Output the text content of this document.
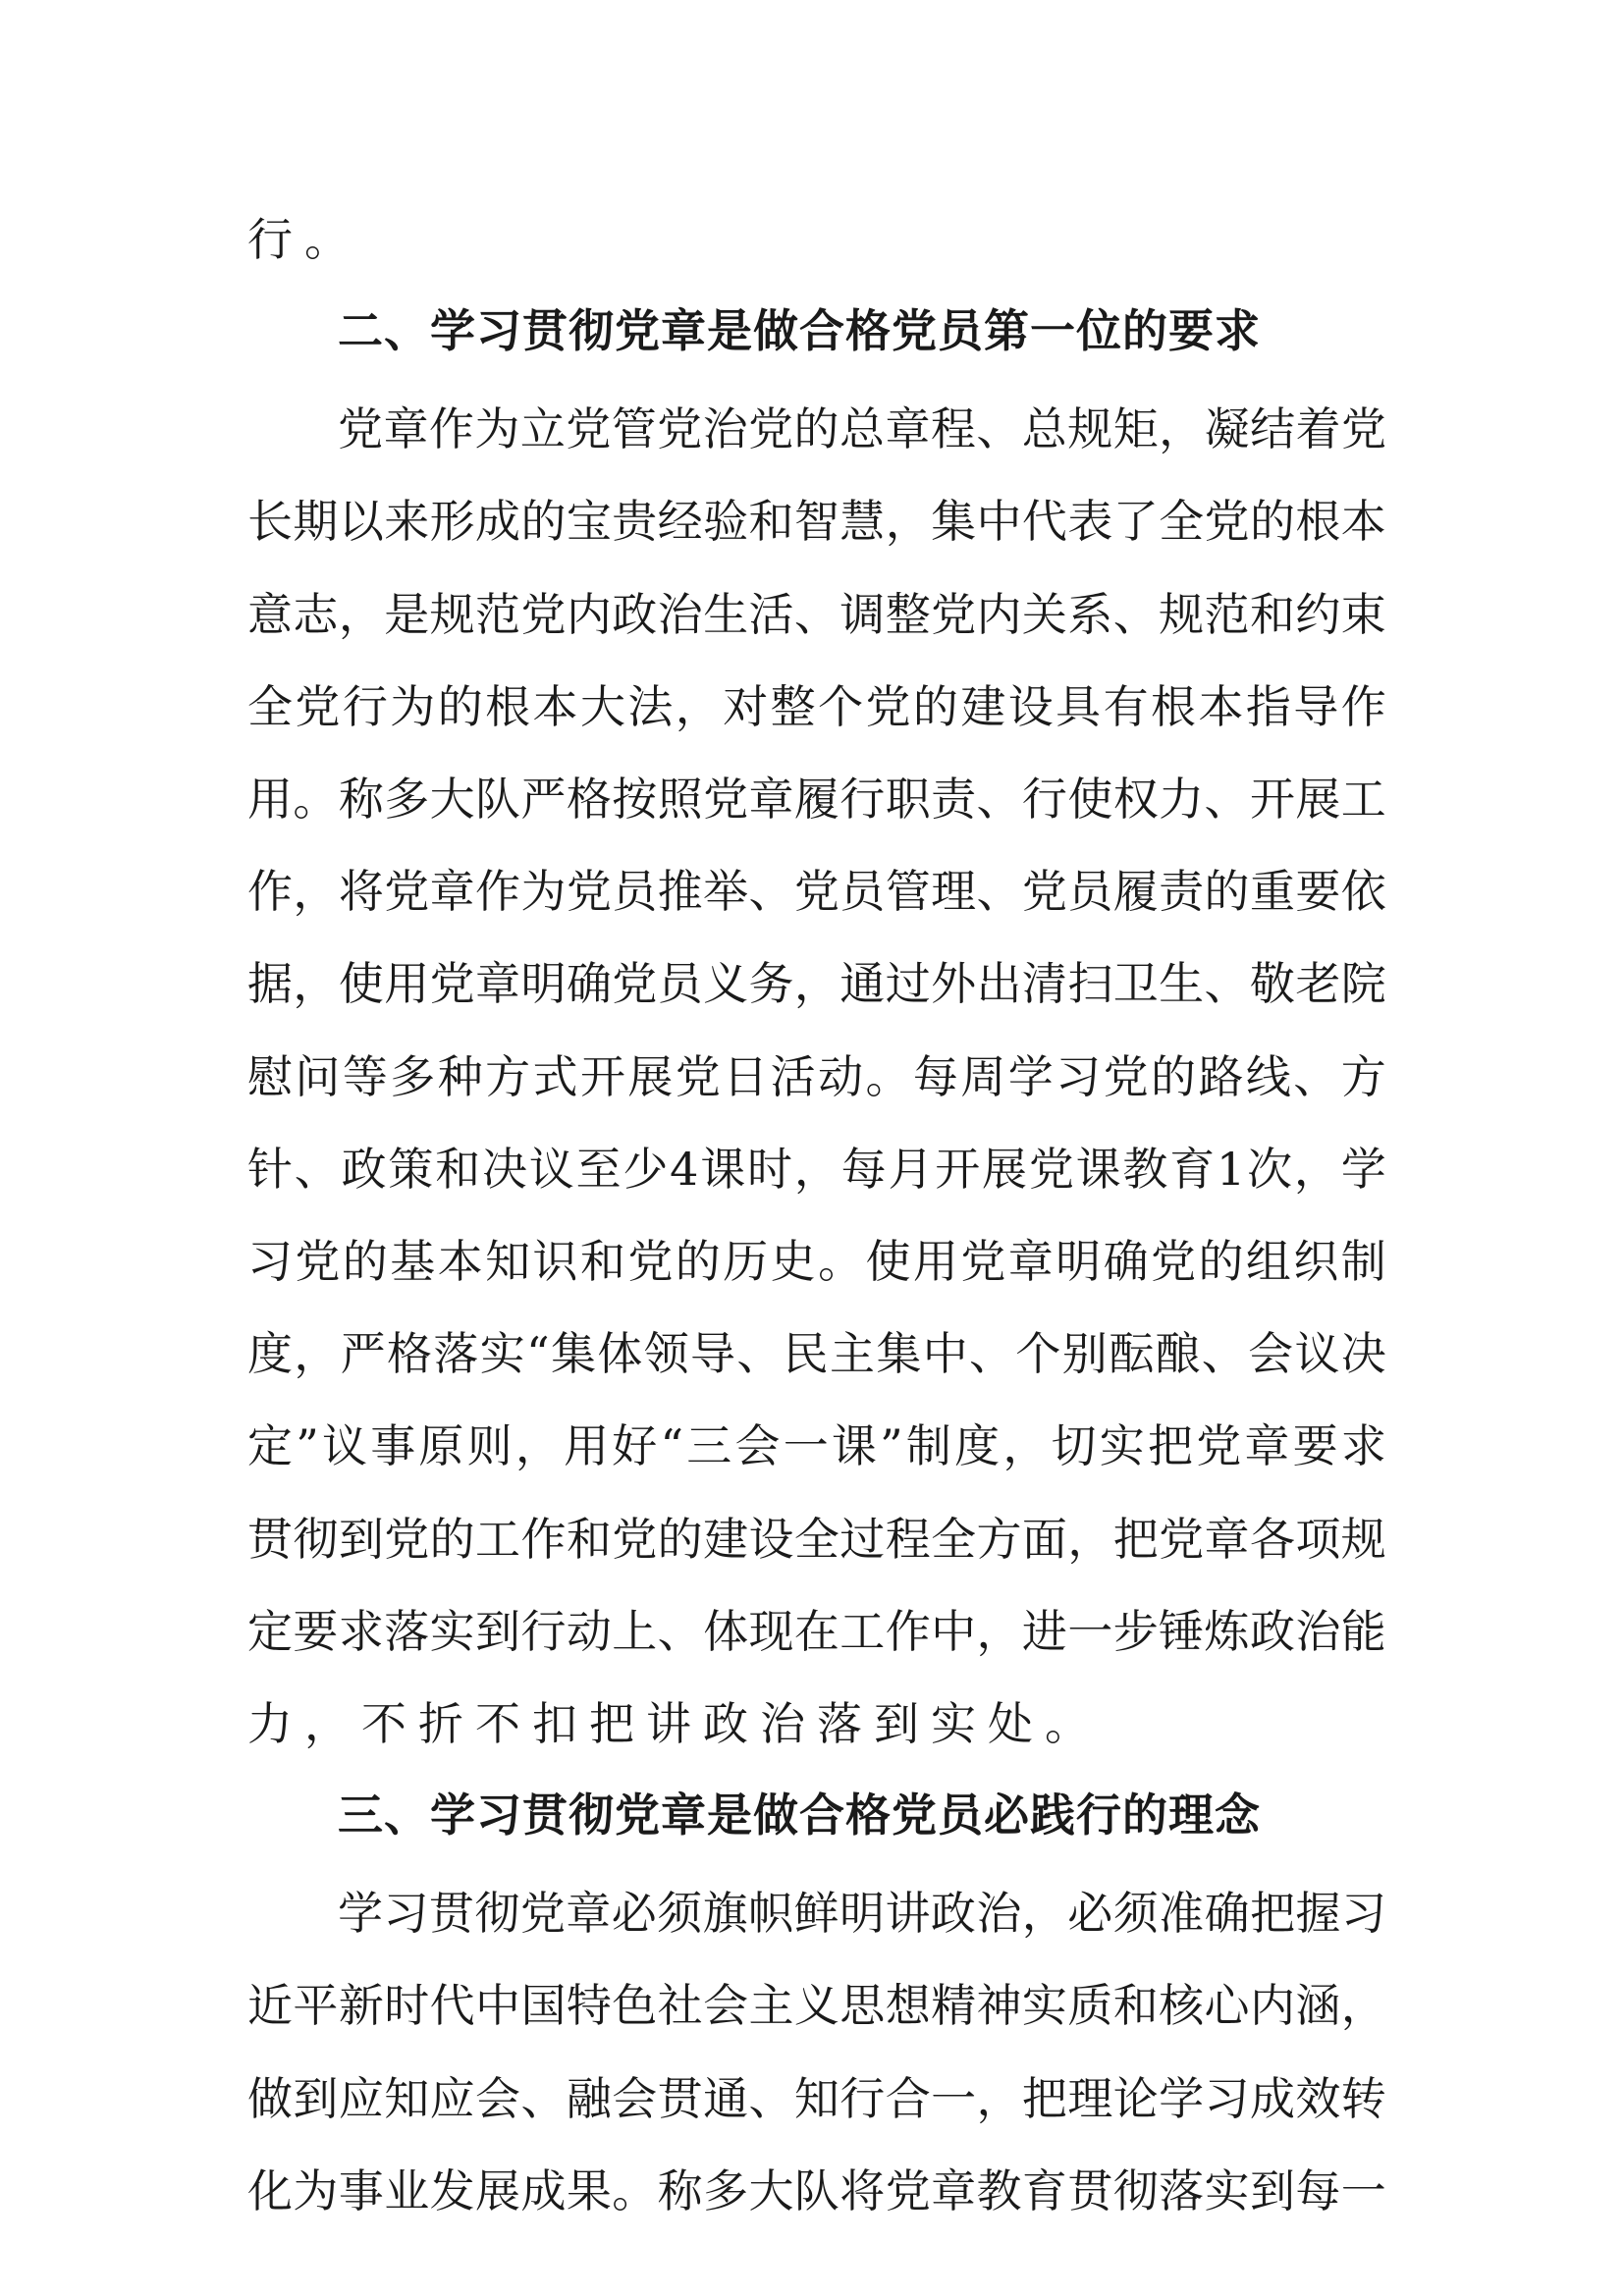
行。
二、学习贯彻党章是做合格党员第一位的要求
党 章 作 为 立 党 管 党 治 党 的 总 章 程 、 总 规 矩 ， 凝 结 着 党
长 期 以 来 形 成 的 宝 贵 经 验 和 智 慧 ， 集 中 代 表 了 全 党 的 根 本
意 志 ， 是 规 范 党 内 政 治 生 活 、 调 整 党 内 关 系 、 规 范 和 约 束
全 党 行 为 的 根 本 大 法 ， 对 整 个 党 的 建 设 具 有 根 本 指 导 作
用 。 称 多 大 队 严 格 按 照 党 章 履 行 职 责 、 行 使 权 力 、 开 展 工
作 ， 将 党 章 作 为 党 员 推 举 、 党 员 管 理 、 党 员 履 责 的 重 要 依
据 ， 使 用 党 章 明 确 党 员 义 务 ， 通 过 外 出 清 扫 卫 生 、 敬 老 院
慰 问 等 多 种 方 式 开 展 党 日 活 动 。 每 周 学 习 党 的 路 线 、 方
针 、 政 策 和 决 议 至 少 4 课 时 ， 每 月 开 展 党 课 教 育 1 次 ， 学
习 党 的 基 本 知 识 和 党 的 历 史 。 使 用 党 章 明 确 党 的 组 织 制
度 ， 严 格 落 实 “ 集 体 领 导 、 民 主 集 中 、 个 别 酝 酿 、 会 议 决
定 ” 议 事 原 则 ， 用 好 “ 三 会 一 课 ” 制 度 ， 切 实 把 党 章 要 求
贯 彻 到 党 的 工 作 和 党 的 建 设 全 过 程 全 方 面 ， 把 党 章 各 项 规
定 要 求 落 实 到 行 动 上 、 体 现 在 工 作 中 ， 进 一 步 锤 炼 政 治 能
力，不折不扣把讲政治落到实处。
三、学习贯彻党章是做合格党员必践行的理念
学 习 贯 彻 党 章 必 须 旗 帜 鲜 明 讲 政 治 ， 必 须 准 确 把 握 习
近 平 新 时 代 中 国 特 色 社 会 主 义 思 想 精 神 实 质 和 核 心 内 涵 ，
做 到 应 知 应 会 、 融 会 贯 通 、 知 行 合 一 ， 把 理 论 学 习 成 效 转
化 为 事 业 发 展 成 果 。 称 多 大 队 将 党 章 教 育 贯 彻 落 实 到 每 一
